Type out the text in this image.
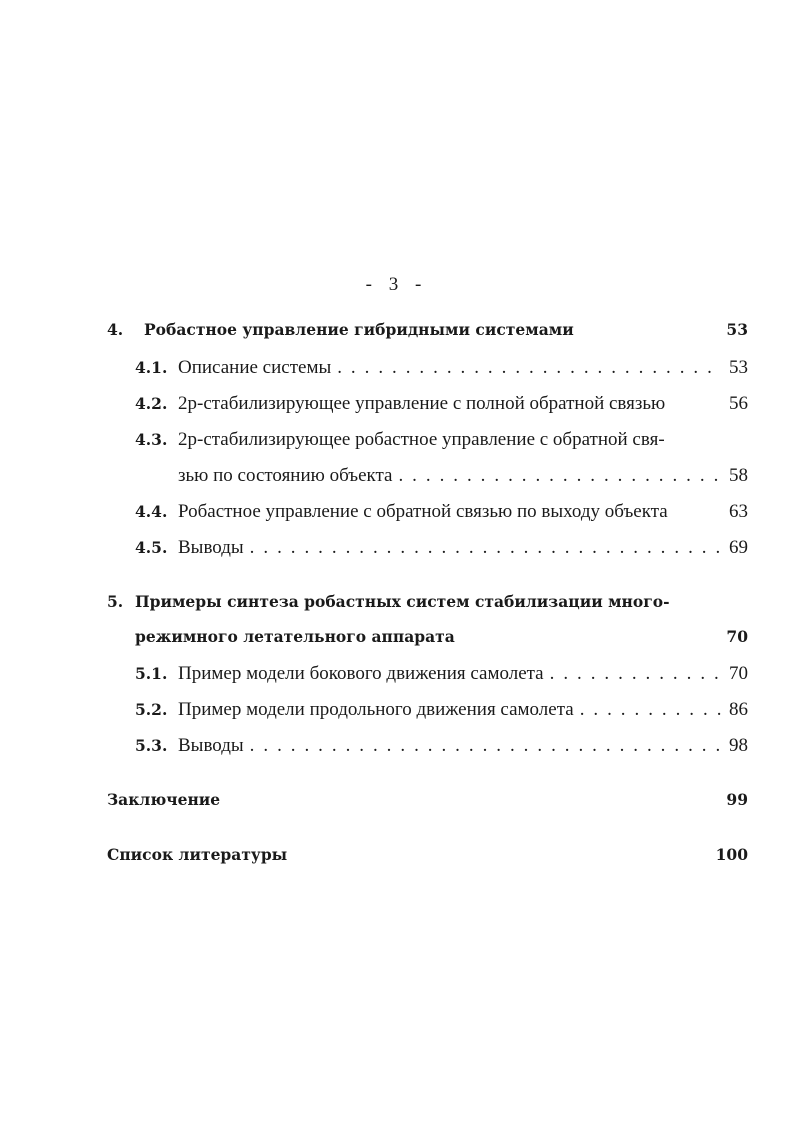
- 3 -
4.	Робастное управление гибридными системами	53
4.1. Описание системы . . .	53
4.2. 2p-стабилизирующее управление с полной обратной связью	56
4.3. 2p-стабилизирующее робастное управление с обратной свя-
зью по состоянию объекта . . .	58
4.4. Робастное управление с обратной связью по выходу объекта	63
4.5. Выводы . . .	69
5. Примеры синтеза робастных систем стабилизации много-
режимного летательного аппарата	70
5.1. Пример модели бокового движения самолета . . .	70
5.2. Пример модели продольного движения самолета . . .	86
5.3. Выводы . . .	98
Заключение	99
Список литературы	100
